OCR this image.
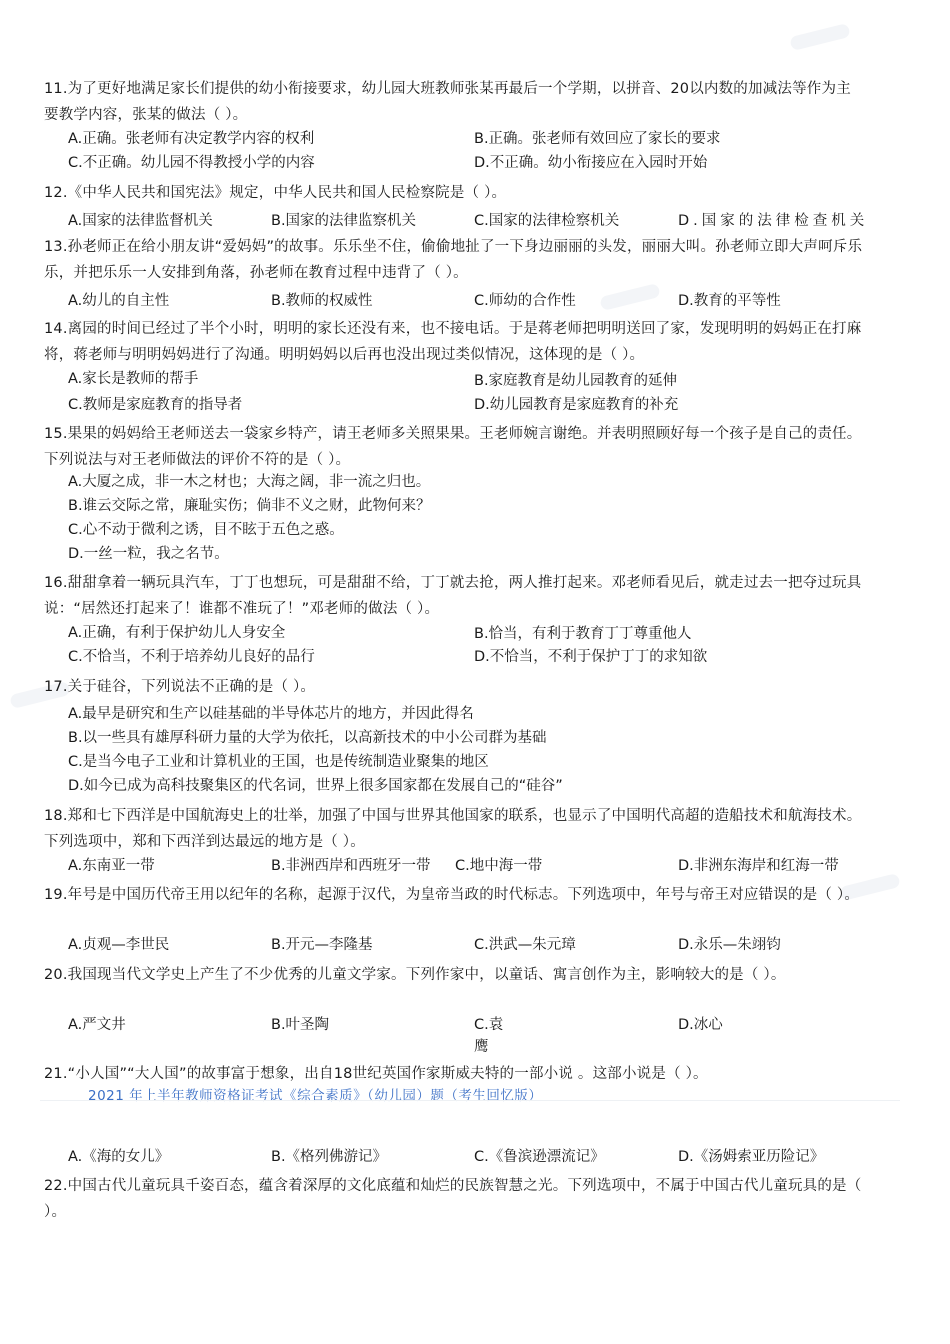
11.为了更好地满足家长们提供的幼小衔接要求，幼儿园大班教师张某再最后一个学期，以拼音、20以内数的加减法等作为主要教学内容，张某的做法（ ）。
A.正确。张老师有决定教学内容的权利	B.正确。张老师有效回应了家长的要求
C.不正确。幼儿园不得教授小学的内容	D.不正确。幼小衔接应在入园时开始
12.《中华人民共和国宪法》规定，中华人民共和国人民检察院是（ ）。
A.国家的法律监督机关	B.国家的法律监察机关	C.国家的法律检察机关	D.国家的法律检查机关
13.孙老师正在给小朋友讲“爱妈妈”的故事。乐乐坐不住，偷偷地扯了一下身边丽丽的头发，丽丽大叫。孙老师立即大声呵斥乐乐，并把乐乐一人安排到角落，孙老师在教育过程中违背了（ ）。
A.幼儿的自主性	B.教师的权威性	C.师幼的合作性	D.教育的平等性
14.离园的时间已经过了半个小时，明明的家长还没有来，也不接电话。于是蒋老师把明明送回了家，发现明明的妈妈正在打麻将，蒋老师与明明妈妈进行了沟通。明明妈妈以后再也没出现过类似情况，这体现的是（ ）。
A.家长是教师的帮手	B.家庭教育是幼儿园教育的延伸
C.教师是家庭教育的指导者	D.幼儿园教育是家庭教育的补充
15.果果的妈妈给王老师送去一袋家乡特产，请王老师多关照果果。王老师婉言谢绝。并表明照顾好每一个孩子是自己的责任。下列说法与对王老师做法的评价不符的是（ ）。
A.大厦之成，非一木之材也；大海之阔，非一流之归也。
B.谁云交际之常，廉耻实伤；倘非不义之财，此物何来？
C.心不动于微利之诱，目不眩于五色之惑。
D.一丝一粒，我之名节。
16.甜甜拿着一辆玩具汽车，丁丁也想玩，可是甜甜不给，丁丁就去抢，两人推打起来。邓老师看见后，就走过去一把夺过玩具说：“居然还打起来了！谁都不准玩了！”邓老师的做法（ ）。
A.正确，有利于保护幼儿人身安全	B.恰当，有利于教育丁丁尊重他人
C.不恰当，不利于培养幼儿良好的品行	D.不恰当，不利于保护丁丁的求知欲
17.关于硅谷，下列说法不正确的是（ ）。
A.最早是研究和生产以硅基础的半导体芯片的地方，并因此得名
B.以一些具有雄厚科研力量的大学为依托，以高新技术的中小公司群为基础
C.是当今电子工业和计算机业的王国，也是传统制造业聚集的地区
D.如今已成为高科技聚集区的代名词，世界上很多国家都在发展自己的“硅谷”
18.郑和七下西洋是中国航海史上的壮举，加强了中国与世界其他国家的联系，也显示了中国明代高超的造船技术和航海技术。下列选项中，郑和下西洋到达最远的地方是（ ）。
A.东南亚一带	B.非洲西岸和西班牙一带 C.地中海一带	D.非洲东海岸和红海一带
19.年号是中国历代帝王用以纪年的名称，起源于汉代，为皇帝当政的时代标志。下列选项中，年号与帝王对应错误的是（ ）。
A.贞观—李世民	B.开元—李隆基	C.洪武—朱元璋	D.永乐—朱翊钧
20.我国现当代文学史上产生了不少优秀的儿童文学家。下列作家中，以童话、寓言创作为主，影响较大的是（ ）。
A.严文井	B.叶圣陶	C.袁鹰
D.冰心
21.“小人国”“大人国”的故事富于想象，出自18世纪英国作家斯威夫特的一部小说 。这部小说是（ ）。
2021 年上半年教师资格证考试《综合素质》（幼儿园）题（考生回忆版）
A.《海的女儿》	B.《格列佛游记》	C.《鲁滨逊漂流记》	D.《汤姆索亚历险记》
22.中国古代儿童玩具千姿百态，蕴含着深厚的文化底蕴和灿烂的民族智慧之光。下列选项中，不属于中国古代儿童玩具的是（ ）。
